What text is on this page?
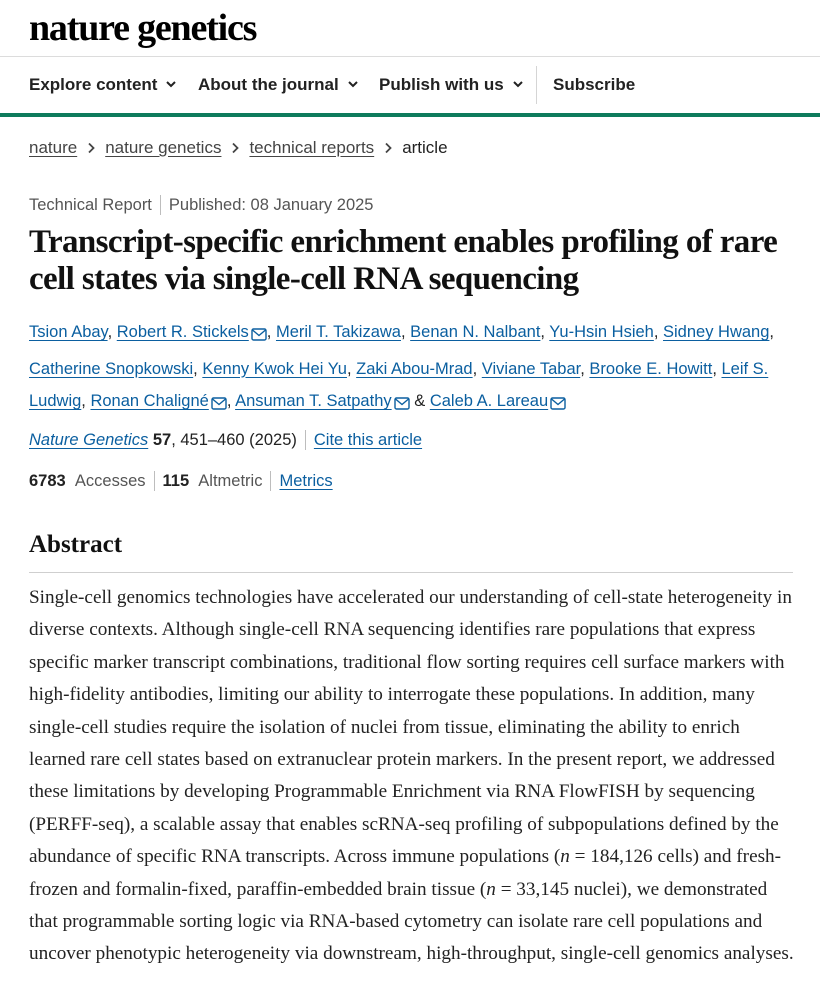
nature genetics
Explore content About the journal Publish with us	Subscribe
nature nature genetics technical reports article
Technical Report Published: 08 January 2025
Transcript-specific enrichment enables profiling of rare cell states via single-cell RNA sequencing
Tsion Abay, Robert R. Stickels , Meril T. Takizawa, Benan N. Nalbant, Yu-Hsin Hsieh, Sidney Hwang, Catherine Snopkowski, Kenny Kwok Hei Yu, Zaki Abou-Mrad, Viviane Tabar, Brooke E. Howitt, Leif S. Ludwig, Ronan Chaligné , Ansuman T. Satpathy & Caleb A. Lareau
Nature Genetics
57 , 451–460 (2025) Cite this article
6783
Accesses 115
Altmetric Metrics
Abstract

Single-cell genomics technologies have accelerated our understanding of cell-state heterogeneity in diverse contexts. Although single-cell RNA sequencing identifies rare populations that express specific marker transcript combinations, traditional flow sorting requires cell surface markers with high-fidelity antibodies, limiting our ability to interrogate these populations. In addition, many single-cell studies require the isolation of nuclei from tissue, eliminating the ability to enrich learned rare cell states based on extranuclear protein markers. In the present report, we addressed these limitations by developing Programmable Enrichment via RNA FlowFISH by sequencing (PERFF-seq), a scalable assay that enables scRNA-seq profiling of subpopulations defined by the abundance of specific RNA transcripts. Across immune populations (n = 184,126 cells) and fresh-frozen and formalin-fixed, paraffin-embedded brain tissue (n = 33,145 nuclei), we demonstrated that programmable sorting logic via RNA-based cytometry can isolate rare cell populations and uncover phenotypic heterogeneity via downstream, high-throughput, single-cell genomics analyses.
